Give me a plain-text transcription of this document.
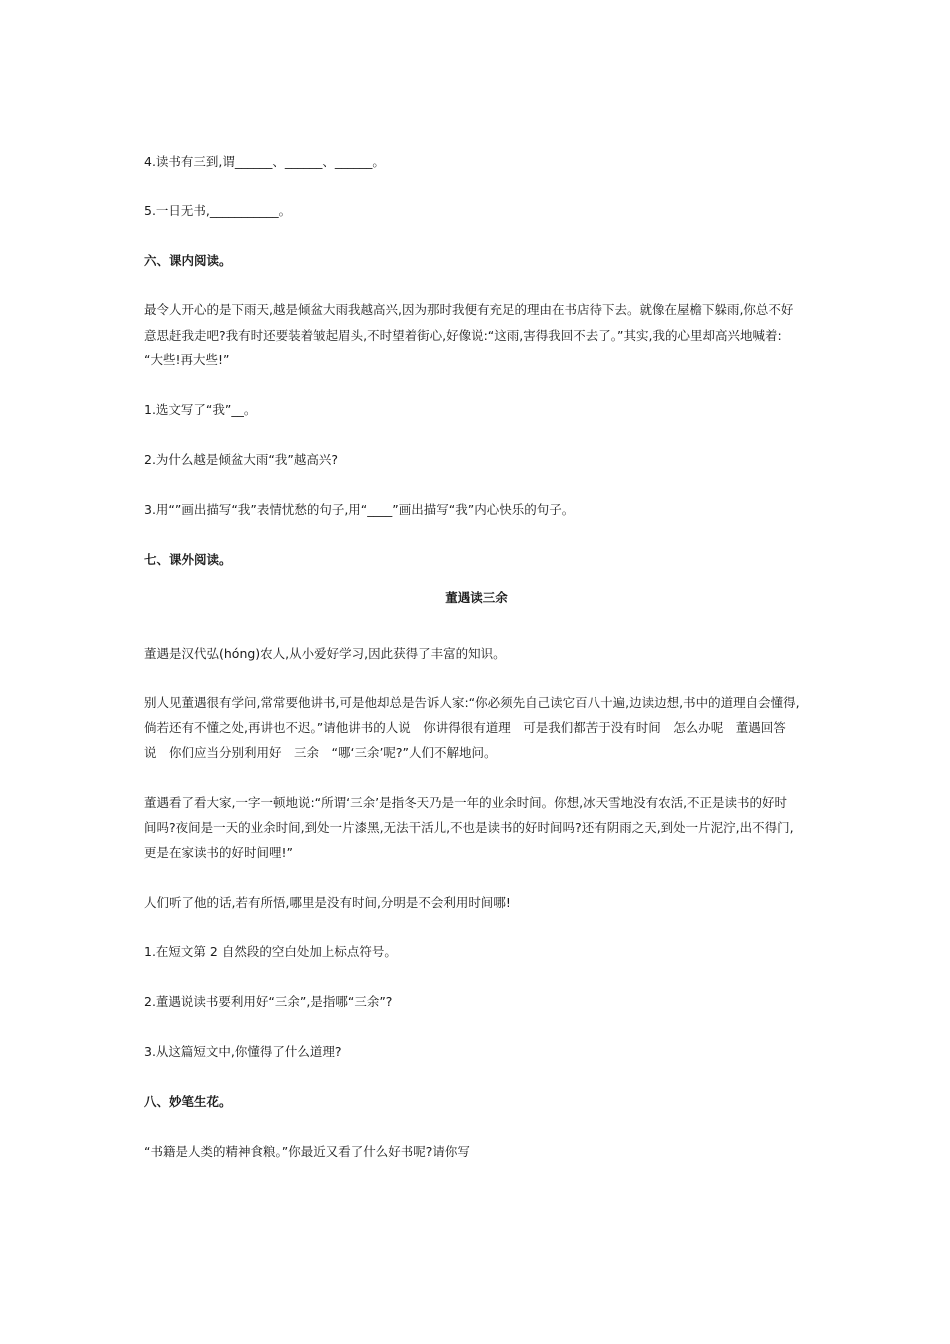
4.读书有三到,谓______、______、______。
5.一日无书,___________。
六、课内阅读。
最令人开心的是下雨天,越是倾盆大雨我越高兴,因为那时我便有充足的理由在书店待下去。就像在屋檐下躲雨,你总不好
意思赶我走吧?我有时还要装着皱起眉头,不时望着街心,好像说:“这雨,害得我回不去了。”其实,我的心里却高兴地喊着:
“大些!再大些!”
1.选文写了“我”__。
2.为什么越是倾盆大雨“我”越高兴?
3.用“”画出描写“我”表情忧愁的句子,用“____”画出描写“我”内心快乐的句子。
七、课外阅读。
董遇读三余
董遇是汉代弘(hóng)农人,从小爱好学习,因此获得了丰富的知识。
别人见董遇很有学问,常常要他讲书,可是他却总是告诉人家:“你必须先自己读它百八十遍,边读边想,书中的道理自会懂得,
倘若还有不懂之处,再讲也不迟。”请他讲书的人说　你讲得很有道理　可是我们都苦于没有时间　怎么办呢　董遇回答
说　你们应当分别利用好　三余　“哪‘三余’呢?”人们不解地问。
董遇看了看大家,一字一顿地说:“所谓‘三余’是指冬天乃是一年的业余时间。你想,冰天雪地没有农活,不正是读书的好时
间吗?夜间是一天的业余时间,到处一片漆黑,无法干活儿,不也是读书的好时间吗?还有阴雨之天,到处一片泥泞,出不得门,
更是在家读书的好时间哩!”
人们听了他的话,若有所悟,哪里是没有时间,分明是不会利用时间哪!
1.在短文第 2 自然段的空白处加上标点符号。
2.董遇说读书要利用好“三余”,是指哪“三余”?
3.从这篇短文中,你懂得了什么道理?
八、妙笔生花。
“书籍是人类的精神食粮。”你最近又看了什么好书呢?请你写
